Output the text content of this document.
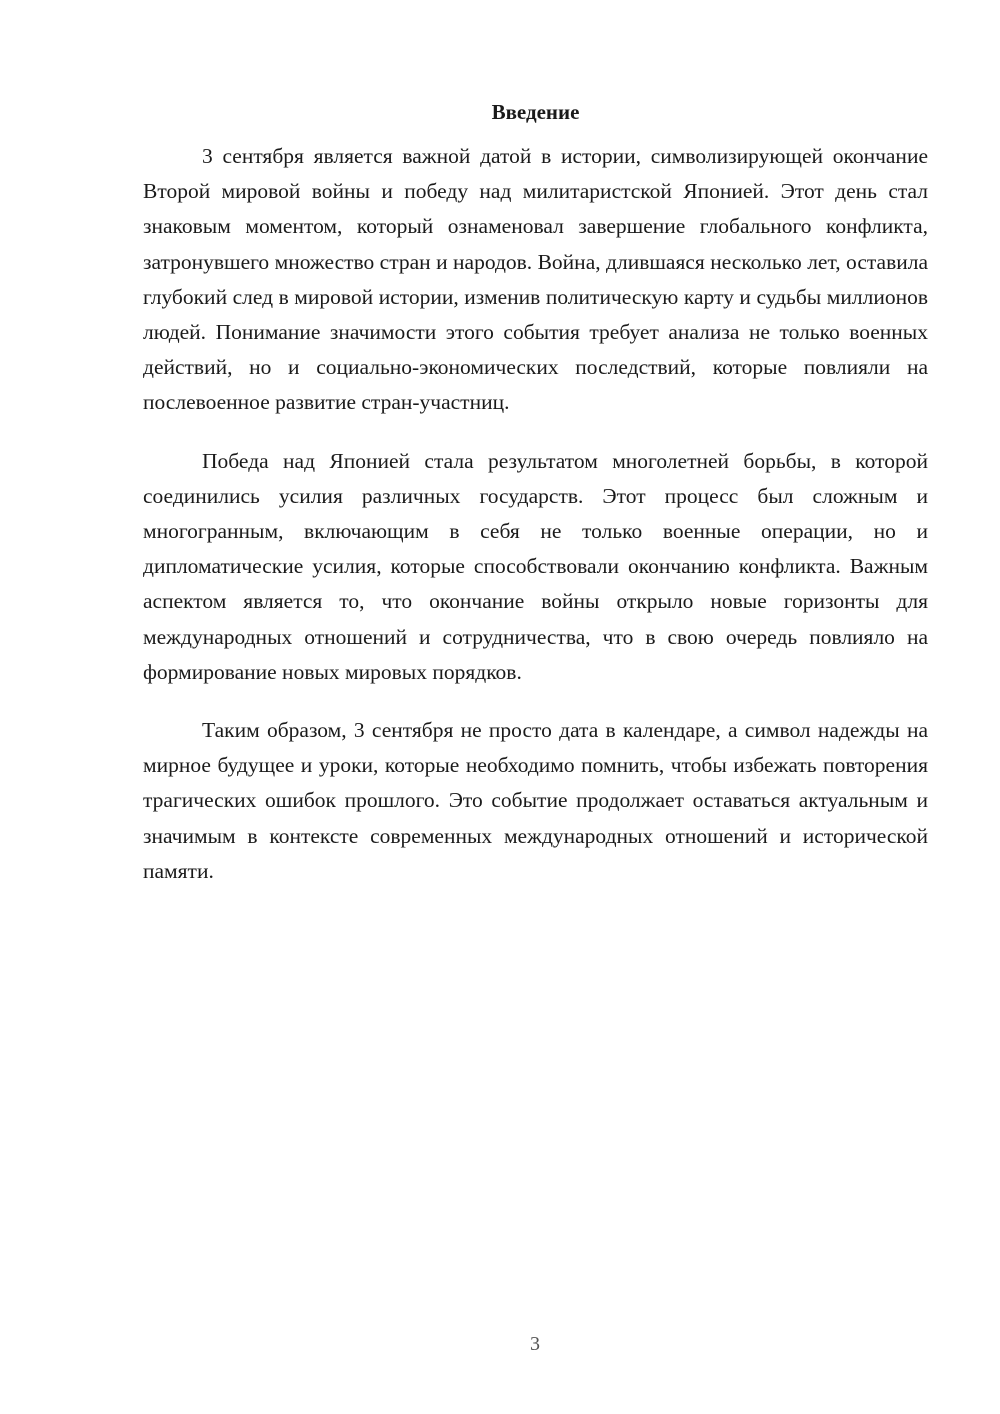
Введение

3 сентября является важной датой в истории, символизирующей окончание Второй мировой войны и победу над милитаристской Японией. Этот день стал знаковым моментом, который ознаменовал завершение глобального конфликта, затронувшего множество стран и народов. Война, длившаяся несколько лет, оставила глубокий след в мировой истории, изменив политическую карту и судьбы миллионов людей. Понимание значимости этого события требует анализа не только военных действий, но и социально-экономических последствий, которые повлияли на послевоенное развитие стран-участниц.

Победа над Японией стала результатом многолетней борьбы, в которой соединились усилия различных государств. Этот процесс был сложным и многогранным, включающим в себя не только военные операции, но и дипломатические усилия, которые способствовали окончанию конфликта. Важным аспектом является то, что окончание войны открыло новые горизонты для международных отношений и сотрудничества, что в свою очередь повлияло на формирование новых мировых порядков.

Таким образом, 3 сентября не просто дата в календаре, а символ надежды на мирное будущее и уроки, которые необходимо помнить, чтобы избежать повторения трагических ошибок прошлого. Это событие продолжает оставаться актуальным и значимым в контексте современных международных отношений и исторической памяти.

3
